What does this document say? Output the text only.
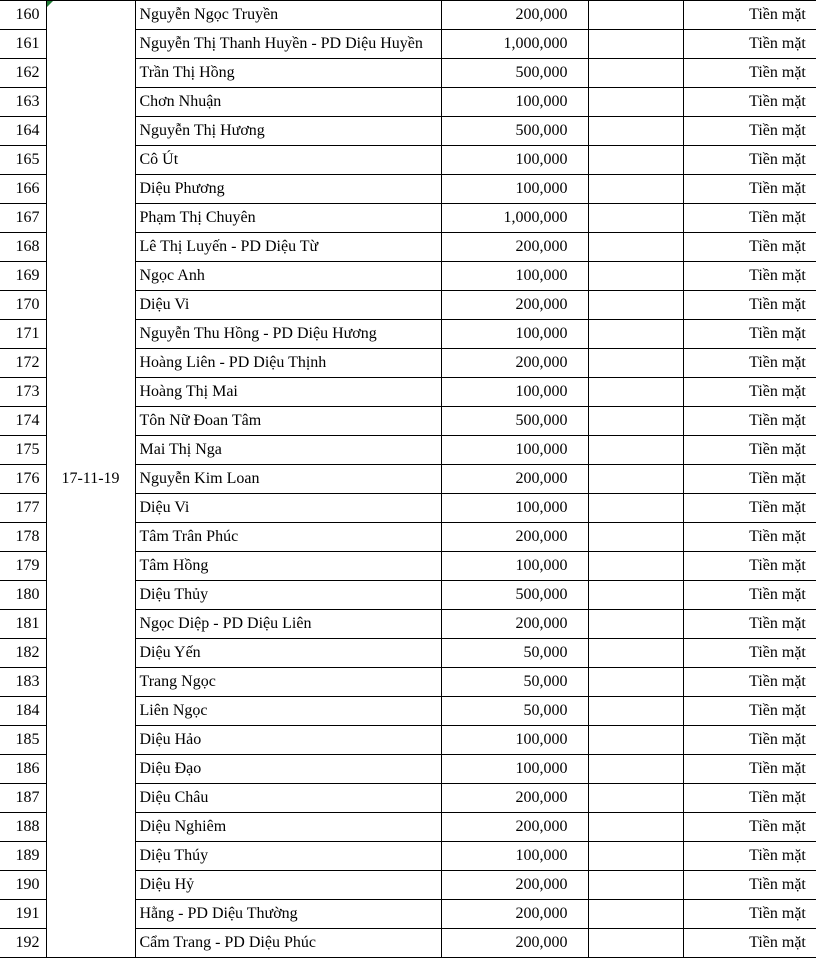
160	17-11-19	Nguyễn Ngọc Truyền	200,000		Tiền mặt
161		Nguyễn Thị Thanh Huyền - PD Diệu Huyền	1,000,000		Tiền mặt
162		Trần Thị Hồng	500,000		Tiền mặt
163		Chơn Nhuận	100,000		Tiền mặt
164		Nguyễn Thị Hương	500,000		Tiền mặt
165		Cô Út	100,000		Tiền mặt
166		Diệu Phương	100,000		Tiền mặt
167		Phạm Thị Chuyên	1,000,000		Tiền mặt
168		Lê Thị Luyến - PD Diệu Từ	200,000		Tiền mặt
169		Ngọc Anh	100,000		Tiền mặt
170		Diệu Vi	200,000		Tiền mặt
171		Nguyễn Thu Hồng - PD Diệu Hương	100,000		Tiền mặt
172		Hoàng Liên - PD Diệu Thịnh	200,000		Tiền mặt
173		Hoàng Thị Mai	100,000		Tiền mặt
174		Tôn Nữ Đoan Tâm	500,000		Tiền mặt
175		Mai Thị Nga	100,000		Tiền mặt
176		Nguyễn Kim Loan	200,000		Tiền mặt
177		Diệu Vi	100,000		Tiền mặt
178		Tâm Trân Phúc	200,000		Tiền mặt
179		Tâm Hồng	100,000		Tiền mặt
180		Diệu Thủy	500,000		Tiền mặt
181		Ngọc Diệp - PD Diệu Liên	200,000		Tiền mặt
182		Diệu Yến	50,000		Tiền mặt
183		Trang Ngọc	50,000		Tiền mặt
184		Liên Ngọc	50,000		Tiền mặt
185		Diệu Hảo	100,000		Tiền mặt
186		Diệu Đạo	100,000		Tiền mặt
187		Diệu Châu	200,000		Tiền mặt
188		Diệu Nghiêm	200,000		Tiền mặt
189		Diệu Thúy	100,000		Tiền mặt
190		Diệu Hỷ	200,000		Tiền mặt
191		Hằng - PD Diệu Thường	200,000		Tiền mặt
192		Cẩm Trang - PD Diệu Phúc	200,000		Tiền mặt
